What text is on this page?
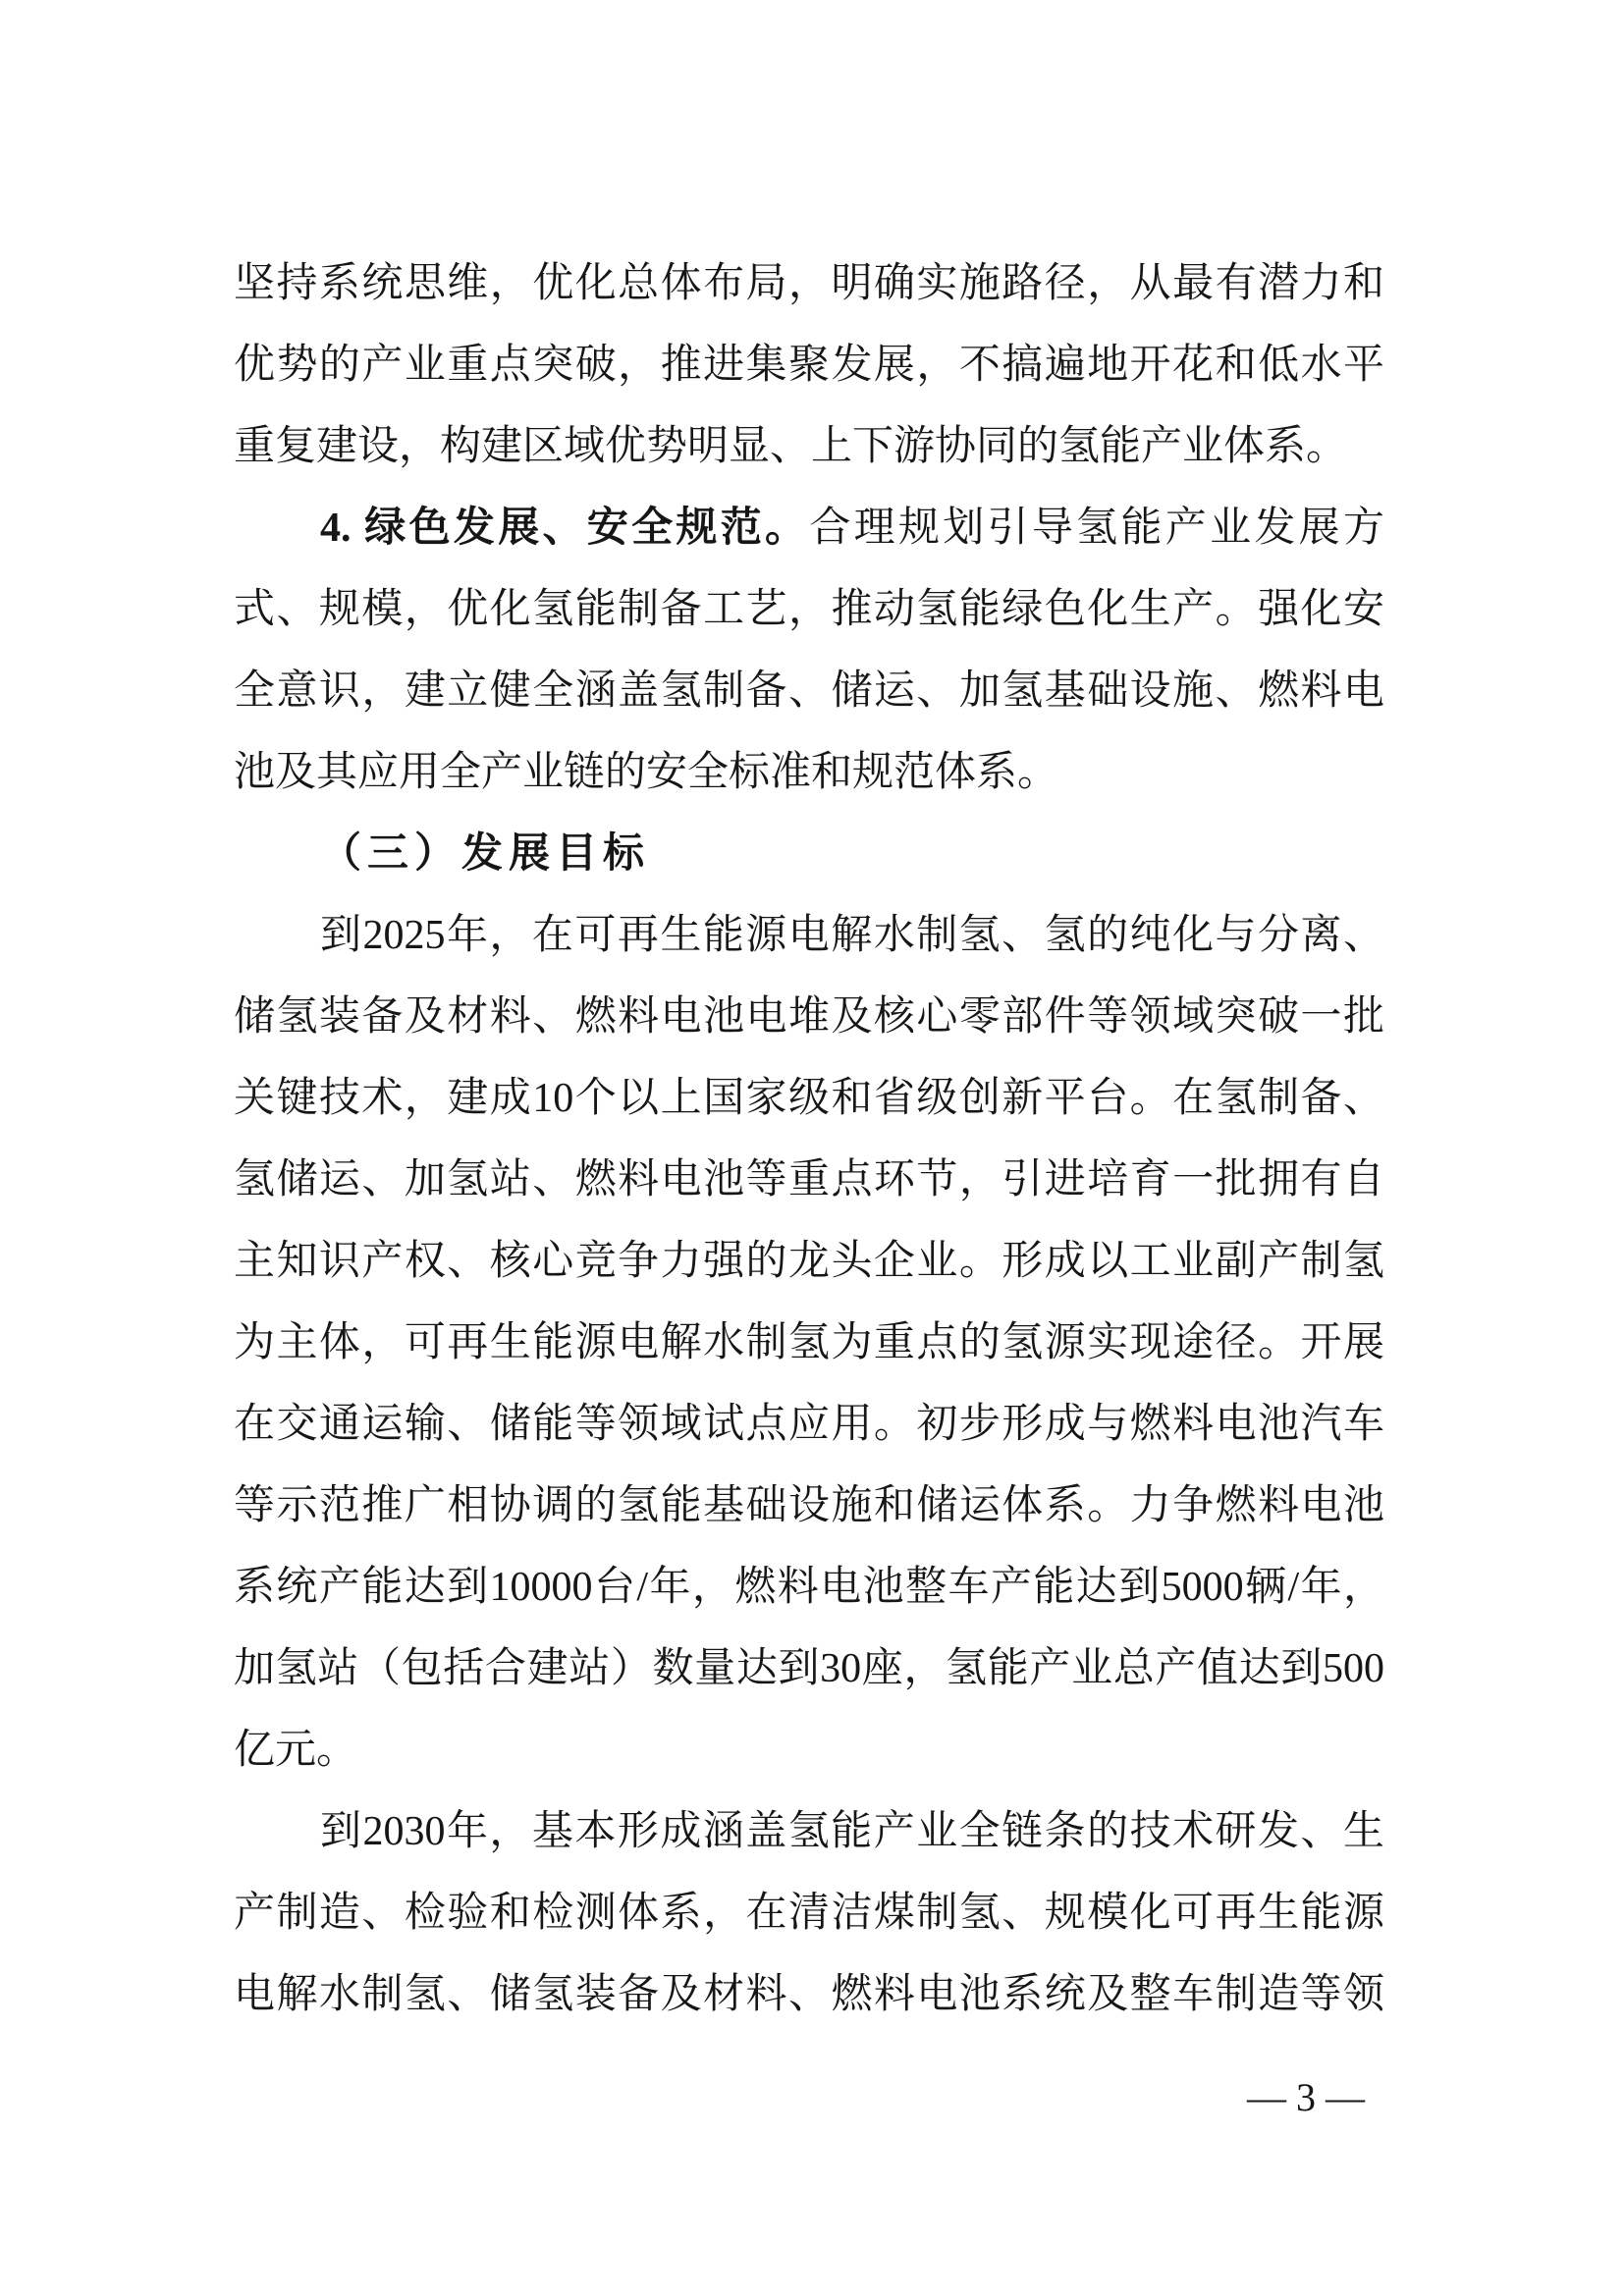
坚持系统思维，优化总体布局，明确实施路径，从最有潜力和
优势的产业重点突破，推进集聚发展，不搞遍地开花和低水平
重复建设，构建区域优势明显、上下游协同的氢能产业体系。
4. 绿色发展、安全规范。合理规划引导氢能产业发展方
式、规模，优化氢能制备工艺，推动氢能绿色化生产。强化安
全意识，建立健全涵盖氢制备、储运、加氢基础设施、燃料电
池及其应用全产业链的安全标准和规范体系。
（三）发展目标
到2025年，在可再生能源电解水制氢、氢的纯化与分离、
储氢装备及材料、燃料电池电堆及核心零部件等领域突破一批
关键技术，建成10个以上国家级和省级创新平台。在氢制备、
氢储运、加氢站、燃料电池等重点环节，引进培育一批拥有自
主知识产权、核心竞争力强的龙头企业。形成以工业副产制氢
为主体，可再生能源电解水制氢为重点的氢源实现途径。开展
在交通运输、储能等领域试点应用。初步形成与燃料电池汽车
等示范推广相协调的氢能基础设施和储运体系。力争燃料电池
系统产能达到10000台/年，燃料电池整车产能达到5000辆/年，
加氢站（包括合建站）数量达到30座，氢能产业总产值达到500
亿元。
到2030年，基本形成涵盖氢能产业全链条的技术研发、生
产制造、检验和检测体系，在清洁煤制氢、规模化可再生能源
电解水制氢、储氢装备及材料、燃料电池系统及整车制造等领
— 3 —
